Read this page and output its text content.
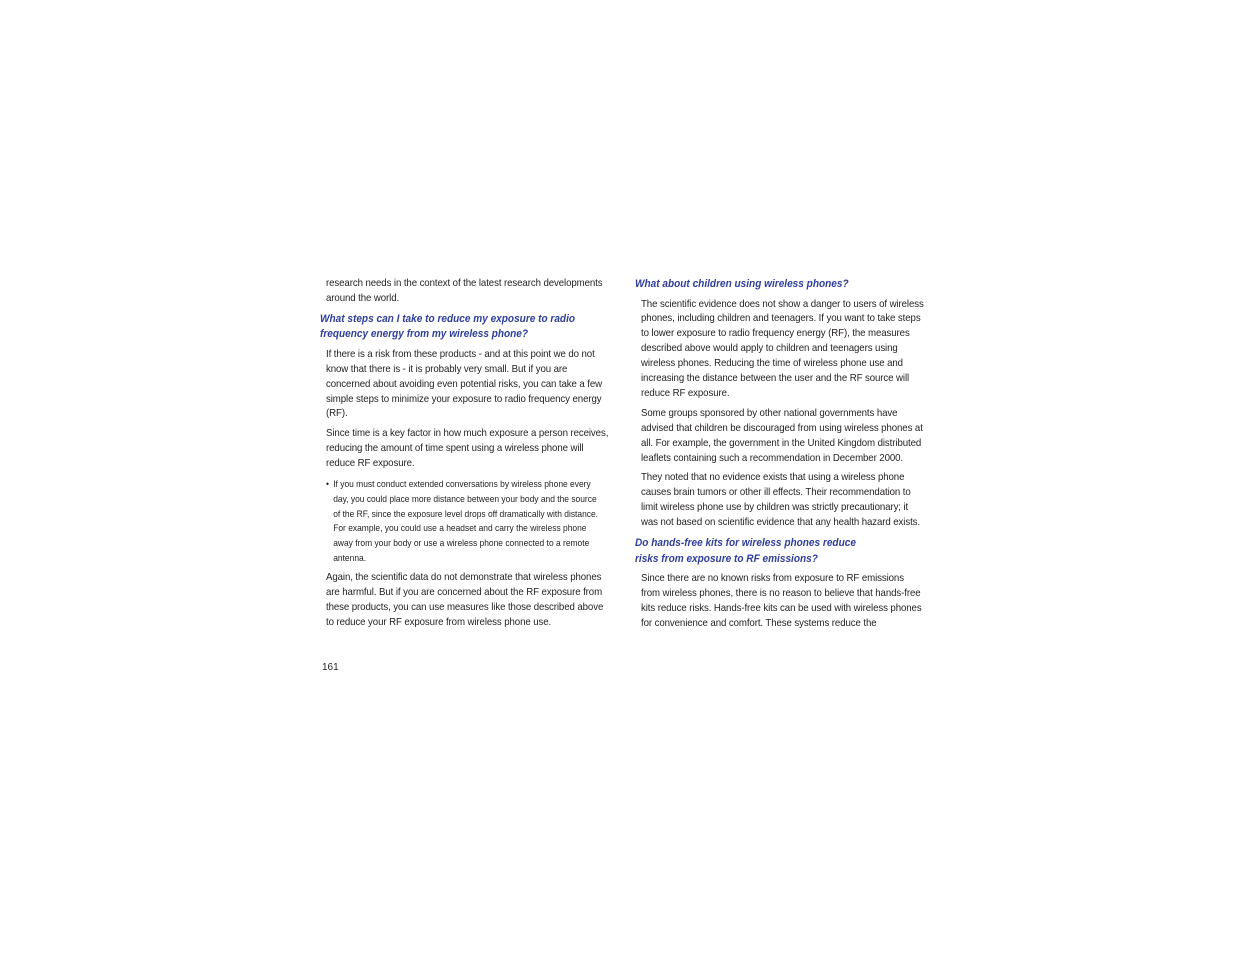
research needs in the context of the latest research developments around the world.

What steps can I take to reduce my exposure to radio frequency energy from my wireless phone?

If there is a risk from these products - and at this point we do not know that there is - it is probably very small. But if you are concerned about avoiding even potential risks, you can take a few simple steps to minimize your exposure to radio frequency energy (RF).

Since time is a key factor in how much exposure a person receives, reducing the amount of time spent using a wireless phone will reduce RF exposure.

• If you must conduct extended conversations by wireless phone every day, you could place more distance between your body and the source of the RF, since the exposure level drops off dramatically with distance. For example, you could use a headset and carry the wireless phone away from your body or use a wireless phone connected to a remote antenna.

Again, the scientific data do not demonstrate that wireless phones are harmful. But if you are concerned about the RF exposure from these products, you can use measures like those described above to reduce your RF exposure from wireless phone use.

What about children using wireless phones?

The scientific evidence does not show a danger to users of wireless phones, including children and teenagers. If you want to take steps to lower exposure to radio frequency energy (RF), the measures described above would apply to children and teenagers using wireless phones. Reducing the time of wireless phone use and increasing the distance between the user and the RF source will reduce RF exposure.

Some groups sponsored by other national governments have advised that children be discouraged from using wireless phones at all. For example, the government in the United Kingdom distributed leaflets containing such a recommendation in December 2000.

They noted that no evidence exists that using a wireless phone causes brain tumors or other ill effects. Their recommendation to limit wireless phone use by children was strictly precautionary; it was not based on scientific evidence that any health hazard exists.

Do hands-free kits for wireless phones reduce
risks from exposure to RF emissions?

Since there are no known risks from exposure to RF emissions from wireless phones, there is no reason to believe that hands-free kits reduce risks. Hands-free kits can be used with wireless phones for convenience and comfort. These systems reduce the

161
